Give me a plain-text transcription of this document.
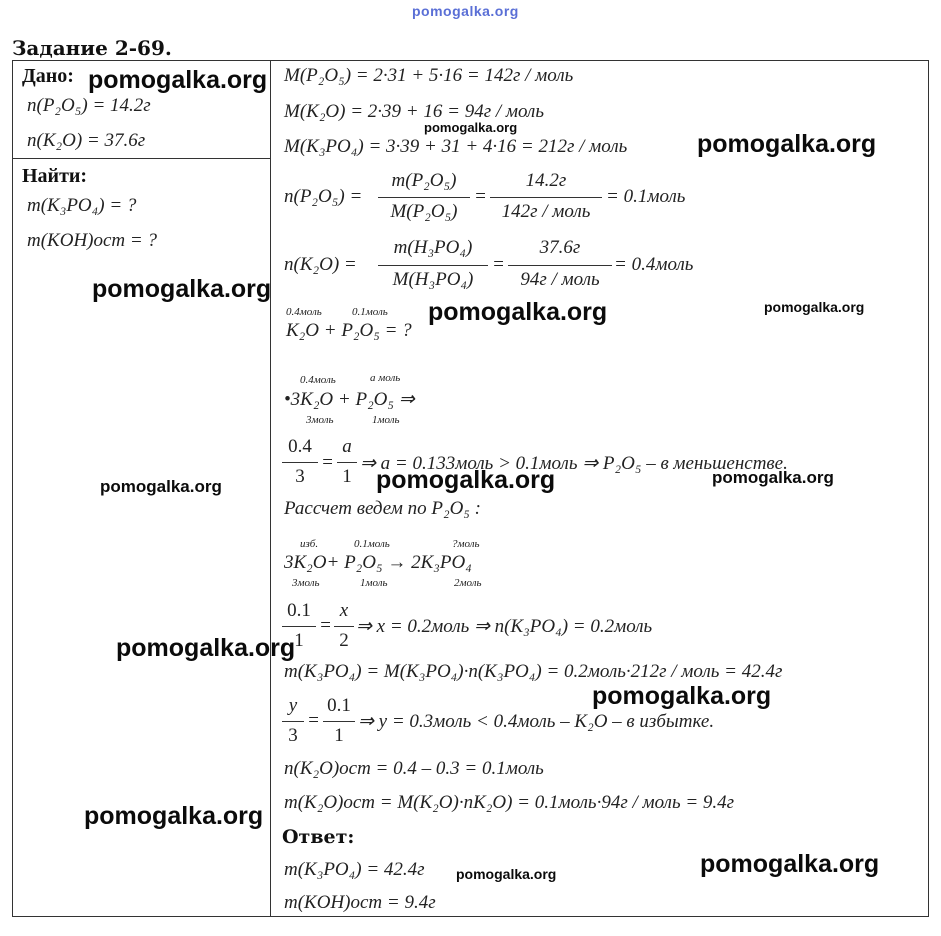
pomogalka.org
Задание 2-69.
Дано:
n(P₂O₅) = 14.2г
n(K₂O) = 37.6г
Найти:
m(K₃PO₄) = ?
m(KOH)ост = ?
M(P₂O₅) = 2·31 + 5·16 = 142г / моль
M(K₂O) = 2·39 + 16 = 94г / моль
M(K₃PO₄) = 3·39 + 31 + 4·16 = 212г / моль
n(P₂O₅) =
m(P₂O₅)
M(P₂O₅)
=
14.2г
142г / моль
= 0.1моль
n(K₂O) =
m(H₃PO₄)
M(H₃PO₄)
=
37.6г
94г / моль
= 0.4моль
0.4моль	0.1моль
K₂O + P₂O₅ = ?
0.4моль	a моль
•3K₂O + P₂O₅ ⇒
3моль	1моль
0.4
3
=
a
1
⇒ a = 0.133моль > 0.1моль ⇒ P₂O₅ – в меньшенстве.
Рассчет ведем по P₂O₅ :
изб.	0.1моль	?моль
3K₂O+ P₂O₅ → 2K₃PO₄
3моль	1моль	2моль
0.1
1
=
x
2
⇒ x = 0.2моль ⇒ n(K₃PO₄) = 0.2моль
m(K₃PO₄) = M(K₃PO₄)·n(K₃PO₄) = 0.2моль·212г / моль = 42.4г
y
3
=
0.1
1
⇒ y = 0.3моль < 0.4моль – K₂O – в избытке.
n(K₂O)ост = 0.4 – 0.3 = 0.1моль
m(K₂O)ост = M(K₂O)·nK₂O) = 0.1моль·94г / моль = 9.4г
Ответ:
m(K₃PO₄) = 42.4г
m(KOH)ост = 9.4г
pomogalka.org
pomogalka.org
pomogalka.org
pomogalka.org
pomogalka.org	pomogalka.org
pomogalka.org	pomogalka.org	pomogalka.org
pomogalka.org
pomogalka.org
pomogalka.org
pomogalka.org
pomogalka.org
